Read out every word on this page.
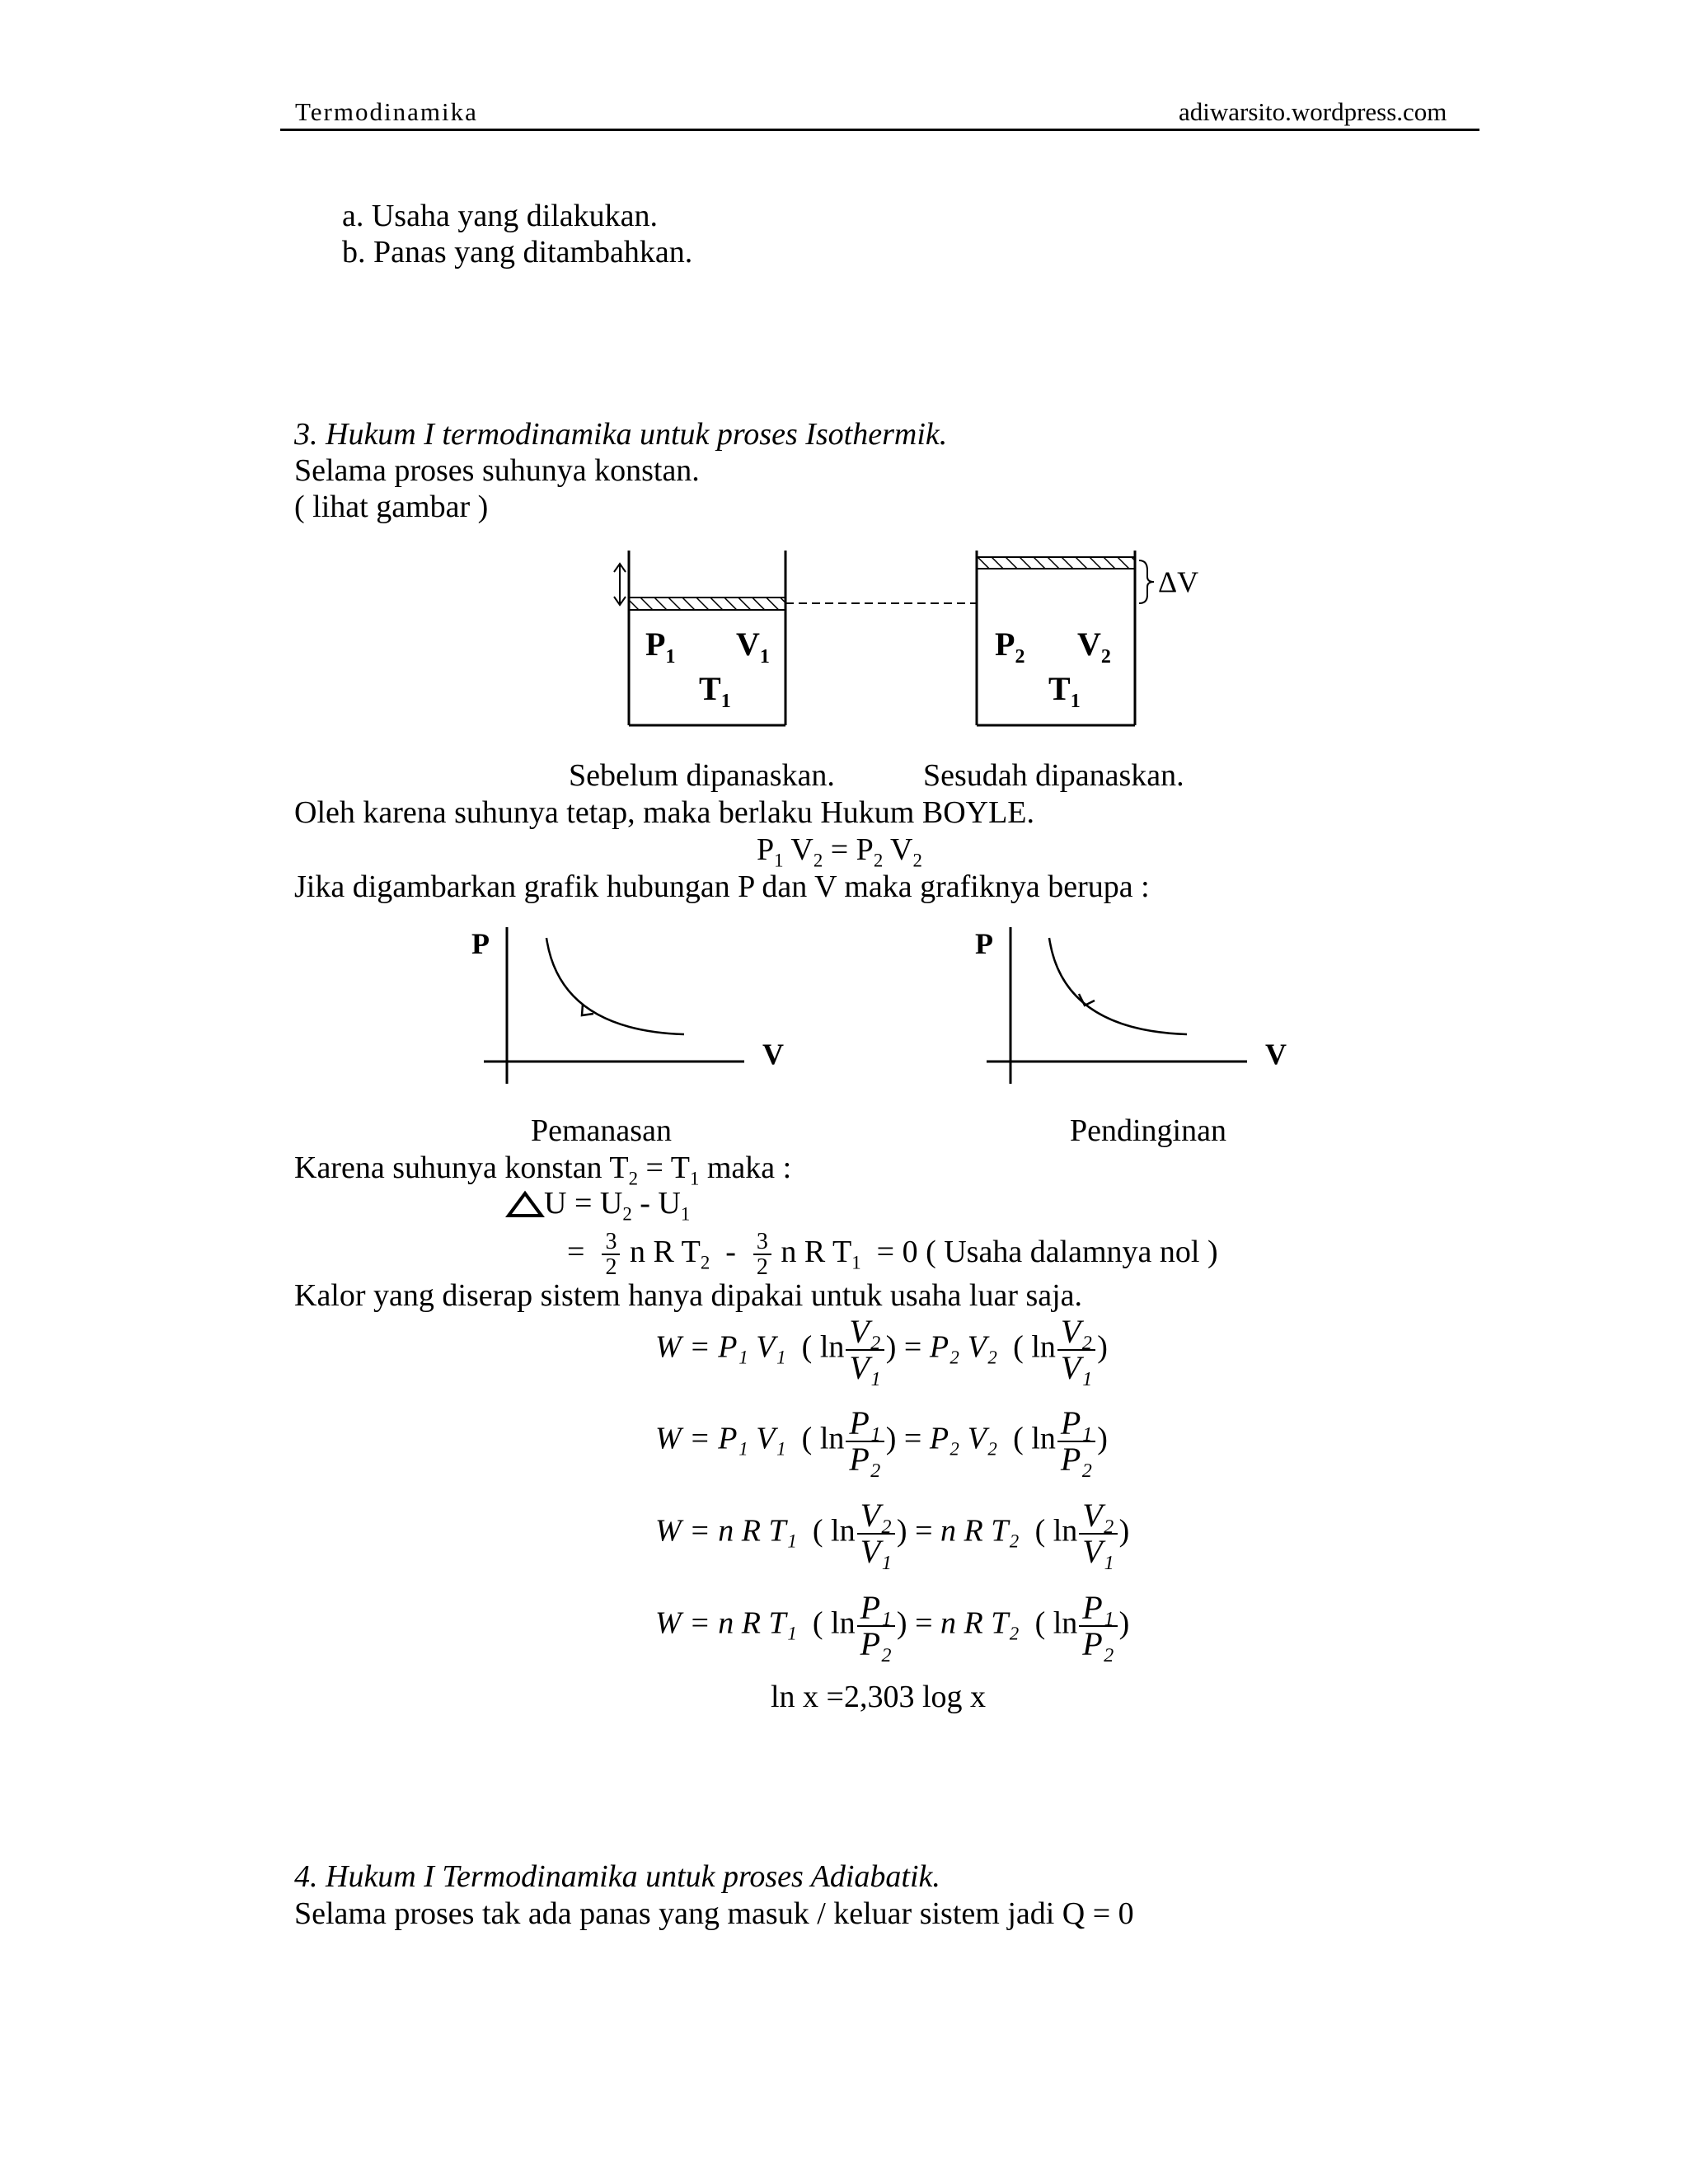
Termodinamika	adiwarsito.wordpress.com
a. Usaha yang dilakukan.
b. Panas yang ditambahkan.
3. Hukum I termodinamika untuk proses Isothermik.
Selama proses suhunya konstan.
( lihat gambar )
$P_1$ $V_1$
$T_1$
$P_2$ $V_2$
$T_1$
ΔV
Sebelum dipanaskan.	Sesudah dipanaskan.
Oleh karena suhunya tetap, maka berlaku Hukum BOYLE.
$P_1$ $V_2 = P_2$ $V_2$
Jika digambarkan grafik hubungan P dan V maka grafiknya berupa :
P
V
P
V
Pemanasan	Pendinginan
Karena suhunya konstan $T_2 = T_1$ maka :
$U = U_2 - U_1$
= $\frac{3}{2}$ n R $T_2 - \frac{3}{2}$ n R $T_1 = 0$ ( Usaha dalamnya nol )
Kalor yang diserap sistem hanya dipakai untuk usaha luar saja.
W = P₁ V₁  ( $\ln \frac{\text{V₂}}{\text{V₁}}$ ) = P₂ V₂  ( $\ln \frac{\text{V₂}}{\text{V₁}}$ )
W = P₁ V₁  ( $\ln \frac{\text{P₁}}{\text{P₂}}$ ) = P₂ V₂  ( $\ln \frac{\text{P₁}}{\text{P₂}}$ )
W = n R T₁  ( $\ln \frac{\text{V₂}}{\text{V₁}}$ ) = n R T₂  ( $\ln \frac{\text{V₂}}{\text{V₁}}$ )
W = n R T₁  ( $\ln \frac{\text{P₁}}{\text{P₂}}$ ) = n R T₂  ( $\ln \frac{\text{P₁}}{\text{P₂}}$ )
ln x =2,303 log x
4. Hukum I Termodinamika untuk proses Adiabatik.
Selama proses tak ada panas yang masuk / keluar sistem jadi Q = 0
